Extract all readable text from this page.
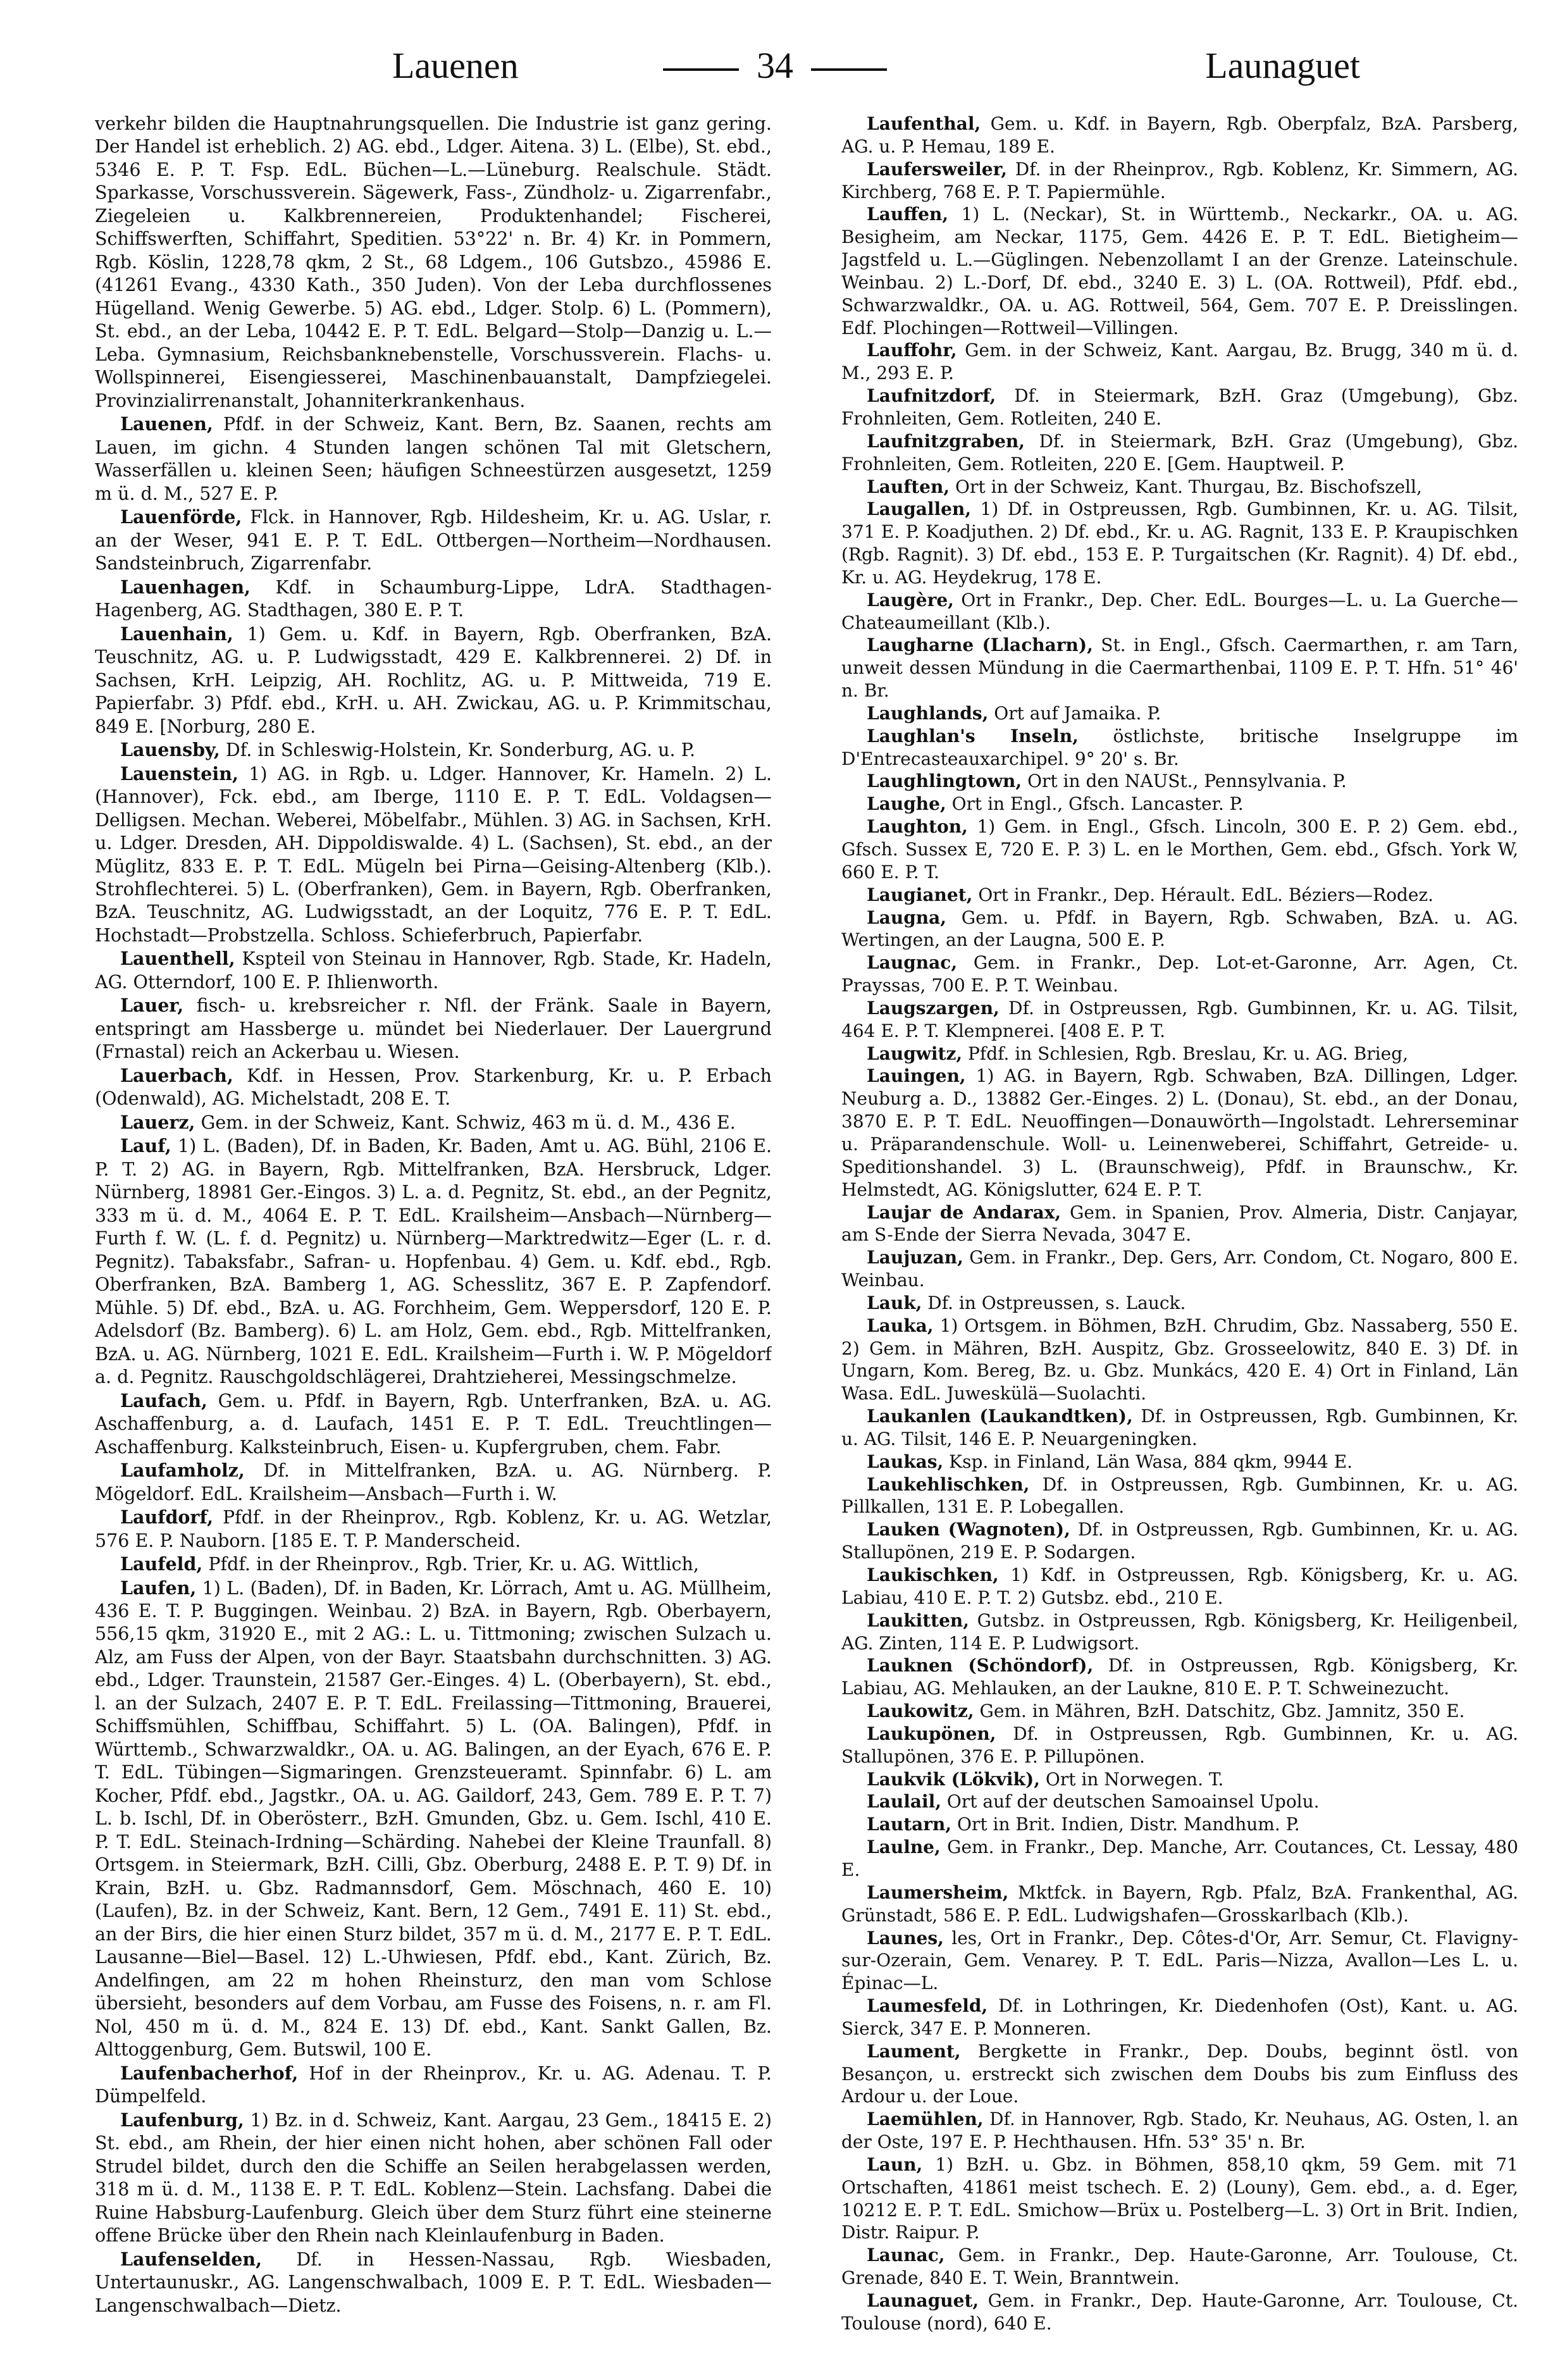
Lauenen	34	Launaguet

verkehr bilden die Hauptnahrungsquellen. Die Industrie ist ganz gering. Der Handel ist erheblich. 2) AG. ebd., Ldger. Aitena. 3) L. (Elbe), St. ebd., 5346 E. P. T. Fsp. EdL. Büchen—L.—Lüneburg. Realschule. Städt. Sparkasse, Vorschussverein. Sägewerk, Fass-, Zündholz- u. Zigarrenfabr., Ziegeleien u. Kalkbrennereien, Produktenhandel; Fischerei, Schiffswerften, Schiffahrt, Speditien. 53°22' n. Br. 4) Kr. in Pommern, Rgb. Köslin, 1228,78 qkm, 2 St., 68 Ldgem., 106 Gutsbzo., 45986 E. (41261 Evang., 4330 Kath., 350 Juden). Von der Leba durchflossenes Hügelland. Wenig Gewerbe. 5) AG. ebd., Ldger. Stolp. 6) L. (Pommern), St. ebd., an der Leba, 10442 E. P. T. EdL. Belgard—Stolp—Danzig u. L.—Leba. Gymnasium, Reichsbanknebenstelle, Vorschussverein. Flachs- u. Wollspinnerei, Eisengiesserei, Maschinenbauanstalt, Dampfziegelei. Provinzialirrenanstalt, Johanniterkrankenhaus.

Lauenen, Pfdf. in der Schweiz, Kant. Bern, Bz. Saanen, rechts am Lauen, im gichn. 4 Stunden langen schönen Tal mit Gletschern, Wasserfällen u. kleinen Seen; häufigen Schneestürzen ausgesetzt, 1259 m ü. d. M., 527 E. P.

Lauenförde, Flck. in Hannover, Rgb. Hildesheim, Kr. u. AG. Uslar, r. an der Weser, 941 E. P. T. EdL. Ottbergen—Northeim—Nordhausen. Sandsteinbruch, Zigarrenfabr.

Lauenhagen, Kdf. in Schaumburg-Lippe, LdrA. Stadthagen-Hagenberg, AG. Stadthagen, 380 E. P. T.

Lauenhain, 1) Gem. u. Kdf. in Bayern, Rgb. Oberfranken, BzA. Teuschnitz, AG. u. P. Ludwigsstadt, 429 E. Kalkbrennerei. 2) Df. in Sachsen, KrH. Leipzig, AH. Rochlitz, AG. u. P. Mittweida, 719 E. Papierfabr. 3) Pfdf. ebd., KrH. u. AH. Zwickau, AG. u. P. Krimmitschau, 849 E. [Norburg, 280 E.

Lauensby, Df. in Schleswig-Holstein, Kr. Sonderburg, AG. u. P.

Lauenstein, 1) AG. in Rgb. u. Ldger. Hannover, Kr. Hameln. 2) L. (Hannover), Fck. ebd., am Iberge, 1110 E. P. T. EdL. Voldagsen—Delligsen. Mechan. Weberei, Möbelfabr., Mühlen. 3) AG. in Sachsen, KrH. u. Ldger. Dresden, AH. Dippoldiswalde. 4) L. (Sachsen), St. ebd., an der Müglitz, 833 E. P. T. EdL. Mügeln bei Pirna—Geising-Altenberg (Klb.). Strohflechterei. 5) L. (Oberfranken), Gem. in Bayern, Rgb. Oberfranken, BzA. Teuschnitz, AG. Ludwigsstadt, an der Loquitz, 776 E. P. T. EdL. Hochstadt—Probstzella. Schloss. Schieferbruch, Papierfabr.

Lauenthell, Kspteil von Steinau in Hannover, Rgb. Stade, Kr. Hadeln, AG. Otterndorf, 100 E. P. Ihlienworth.

Lauer, fisch- u. krebsreicher r. Nfl. der Fränk. Saale in Bayern, entspringt am Hassberge u. mündet bei Niederlauer. Der Lauergrund (Frnastal) reich an Ackerbau u. Wiesen.

Lauerbach, Kdf. in Hessen, Prov. Starkenburg, Kr. u. P. Erbach (Odenwald), AG. Michelstadt, 208 E. T.

Lauerz, Gem. in der Schweiz, Kant. Schwiz, 463 m ü. d. M., 436 E.

Lauf, 1) L. (Baden), Df. in Baden, Kr. Baden, Amt u. AG. Bühl, 2106 E. P. T. 2) AG. in Bayern, Rgb. Mittelfranken, BzA. Hersbruck, Ldger. Nürnberg, 18981 Ger.-Eingos. 3) L. a. d. Pegnitz, St. ebd., an der Pegnitz, 333 m ü. d. M., 4064 E. P. T. EdL. Krailsheim—Ansbach—Nürnberg—Furth f. W. (L. f. d. Pegnitz) u. Nürnberg—Marktredwitz—Eger (L. r. d. Pegnitz). Tabaksfabr., Safran- u. Hopfenbau. 4) Gem. u. Kdf. ebd., Rgb. Oberfranken, BzA. Bamberg 1, AG. Schesslitz, 367 E. P. Zapfendorf. Mühle. 5) Df. ebd., BzA. u. AG. Forchheim, Gem. Weppersdorf, 120 E. P. Adelsdorf (Bz. Bamberg). 6) L. am Holz, Gem. ebd., Rgb. Mittelfranken, BzA. u. AG. Nürnberg, 1021 E. EdL. Krailsheim—Furth i. W. P. Mögeldorf a. d. Pegnitz. Rauschgoldschlägerei, Drahtzieherei, Messingschmelze.

Laufach, Gem. u. Pfdf. in Bayern, Rgb. Unterfranken, BzA. u. AG. Aschaffenburg, a. d. Laufach, 1451 E. P. T. EdL. Treuchtlingen—Aschaffenburg. Kalksteinbruch, Eisen- u. Kupfergruben, chem. Fabr.

Laufamholz, Df. in Mittelfranken, BzA. u. AG. Nürnberg. P. Mögeldorf. EdL. Krailsheim—Ansbach—Furth i. W.

Laufdorf, Pfdf. in der Rheinprov., Rgb. Koblenz, Kr. u. AG. Wetzlar, 576 E. P. Nauborn. [185 E. T. P. Manderscheid.

Laufeld, Pfdf. in der Rheinprov., Rgb. Trier, Kr. u. AG. Wittlich,

Laufen, 1) L. (Baden), Df. in Baden, Kr. Lörrach, Amt u. AG. Müllheim, 436 E. T. P. Buggingen. Weinbau. 2) BzA. in Bayern, Rgb. Oberbayern, 556,15 qkm, 31920 E., mit 2 AG.: L. u. Tittmoning; zwischen Sulzach u. Alz, am Fuss der Alpen, von der Bayr. Staatsbahn durchschnitten. 3) AG. ebd., Ldger. Traunstein, 21587 Ger.-Einges. 4) L. (Oberbayern), St. ebd., l. an der Sulzach, 2407 E. P. T. EdL. Freilassing—Tittmoning, Brauerei, Schiffsmühlen, Schiffbau, Schiffahrt. 5) L. (OA. Balingen), Pfdf. in Württemb., Schwarzwaldkr., OA. u. AG. Balingen, an der Eyach, 676 E. P. T. EdL. Tübingen—Sigmaringen. Grenzsteueramt. Spinnfabr. 6) L. am Kocher, Pfdf. ebd., Jagstkr., OA. u. AG. Gaildorf, 243, Gem. 789 E. P. T. 7) L. b. Ischl, Df. in Oberösterr., BzH. Gmunden, Gbz. u. Gem. Ischl, 410 E. P. T. EdL. Steinach-Irdning—Schärding. Nahebei der Kleine Traunfall. 8) Ortsgem. in Steiermark, BzH. Cilli, Gbz. Oberburg, 2488 E. P. T. 9) Df. in Krain, BzH. u. Gbz. Radmannsdorf, Gem. Möschnach, 460 E. 10) (Laufen), Bz. in der Schweiz, Kant. Bern, 12 Gem., 7491 E. 11) St. ebd., an der Birs, die hier einen Sturz bildet, 357 m ü. d. M., 2177 E. P. T. EdL. Lausanne—Biel—Basel. 12) L.-Uhwiesen, Pfdf. ebd., Kant. Zürich, Bz. Andelfingen, am 22 m hohen Rheinsturz, den man vom Schlose übersieht, besonders auf dem Vorbau, am Fusse des Foisens, n. r. am Fl. Nol, 450 m ü. d. M., 824 E. 13) Df. ebd., Kant. Sankt Gallen, Bz. Alttoggenburg, Gem. Butswil, 100 E.

Laufenbacherhof, Hof in der Rheinprov., Kr. u. AG. Adenau. T. P. Dümpelfeld.

Laufenburg, 1) Bz. in d. Schweiz, Kant. Aargau, 23 Gem., 18415 E. 2) St. ebd., am Rhein, der hier einen nicht hohen, aber schönen Fall oder Strudel bildet, durch den die Schiffe an Seilen herabgelassen werden, 318 m ü. d. M., 1138 E. P. T. EdL. Koblenz—Stein. Lachsfang. Dabei die Ruine Habsburg-Laufenburg. Gleich über dem Sturz führt eine steinerne offene Brücke über den Rhein nach Kleinlaufenburg in Baden.

Laufenselden, Df. in Hessen-Nassau, Rgb. Wiesbaden, Untertaunuskr., AG. Langenschwalbach, 1009 E. P. T. EdL. Wiesbaden—Langenschwalbach—Dietz.

Laufenthal, Gem. u. Kdf. in Bayern, Rgb. Oberpfalz, BzA. Parsberg, AG. u. P. Hemau, 189 E.

Laufersweiler, Df. in der Rheinprov., Rgb. Koblenz, Kr. Simmern, AG. Kirchberg, 768 E. P. T. Papiermühle.

Lauffen, 1) L. (Neckar), St. in Württemb., Neckarkr., OA. u. AG. Besigheim, am Neckar, 1175, Gem. 4426 E. P. T. EdL. Bietigheim—Jagstfeld u. L.—Güglingen. Nebenzollamt I an der Grenze. Lateinschule. Weinbau. 2) L.-Dorf, Df. ebd., 3240 E. 3) L. (OA. Rottweil), Pfdf. ebd., Schwarzwaldkr., OA. u. AG. Rottweil, 564, Gem. 707 E. P. Dreisslingen. Edf. Plochingen—Rottweil—Villingen.

Lauffohr, Gem. in der Schweiz, Kant. Aargau, Bz. Brugg, 340 m ü. d. M., 293 E. P.

Laufnitzdorf, Df. in Steiermark, BzH. Graz (Umgebung), Gbz. Frohnleiten, Gem. Rotleiten, 240 E.

Laufnitzgraben, Df. in Steiermark, BzH. Graz (Umgebung), Gbz. Frohnleiten, Gem. Rotleiten, 220 E. [Gem. Hauptweil. P.

Lauften, Ort in der Schweiz, Kant. Thurgau, Bz. Bischofszell,

Laugallen, 1) Df. in Ostpreussen, Rgb. Gumbinnen, Kr. u. AG. Tilsit, 371 E. P. Koadjuthen. 2) Df. ebd., Kr. u. AG. Ragnit, 133 E. P. Kraupischken (Rgb. Ragnit). 3) Df. ebd., 153 E. P. Turgaitschen (Kr. Ragnit). 4) Df. ebd., Kr. u. AG. Heydekrug, 178 E.

Laugère, Ort in Frankr., Dep. Cher. EdL. Bourges—L. u. La Guerche—Chateaumeillant (Klb.).

Laugharne (Llacharn), St. in Engl., Gfsch. Caermarthen, r. am Tarn, unweit dessen Mündung in die Caermarthenbai, 1109 E. P. T. Hfn. 51° 46' n. Br.

Laughlands, Ort auf Jamaika. P.

Laughlan's Inseln, östlichste, britische Inselgruppe im D'Entrecasteauxarchipel. 9° 20' s. Br.

Laughlingtown, Ort in den NAUSt., Pennsylvania. P.

Laughe, Ort in Engl., Gfsch. Lancaster. P.

Laughton, 1) Gem. in Engl., Gfsch. Lincoln, 300 E. P. 2) Gem. ebd., Gfsch. Sussex E, 720 E. P. 3) L. en le Morthen, Gem. ebd., Gfsch. York W, 660 E. P. T.

Laugianet, Ort in Frankr., Dep. Hérault. EdL. Béziers—Rodez.

Laugna, Gem. u. Pfdf. in Bayern, Rgb. Schwaben, BzA. u. AG. Wertingen, an der Laugna, 500 E. P.

Laugnac, Gem. in Frankr., Dep. Lot-et-Garonne, Arr. Agen, Ct. Prayssas, 700 E. P. T. Weinbau.

Laugszargen, Df. in Ostpreussen, Rgb. Gumbinnen, Kr. u. AG. Tilsit, 464 E. P. T. Klempnerei. [408 E. P. T.

Laugwitz, Pfdf. in Schlesien, Rgb. Breslau, Kr. u. AG. Brieg,

Lauingen, 1) AG. in Bayern, Rgb. Schwaben, BzA. Dillingen, Ldger. Neuburg a. D., 13882 Ger.-Einges. 2) L. (Donau), St. ebd., an der Donau, 3870 E. P. T. EdL. Neuoffingen—Donauwörth—Ingolstadt. Lehrerseminar u. Präparandenschule. Woll- u. Leinenweberei, Schiffahrt, Getreide- u. Speditionshandel. 3) L. (Braunschweig), Pfdf. in Braunschw., Kr. Helmstedt, AG. Königslutter, 624 E. P. T.

Laujar de Andarax, Gem. in Spanien, Prov. Almeria, Distr. Canjayar, am S-Ende der Sierra Nevada, 3047 E.

Laujuzan, Gem. in Frankr., Dep. Gers, Arr. Condom, Ct. Nogaro, 800 E. Weinbau.

Lauk, Df. in Ostpreussen, s. Lauck.

Lauka, 1) Ortsgem. in Böhmen, BzH. Chrudim, Gbz. Nassaberg, 550 E. 2) Gem. in Mähren, BzH. Auspitz, Gbz. Grosseelowitz, 840 E. 3) Df. in Ungarn, Kom. Bereg, Bz. u. Gbz. Munkács, 420 E. 4) Ort in Finland, Län Wasa. EdL. Juweskülä—Suolachti.

Laukanlen (Laukandtken), Df. in Ostpreussen, Rgb. Gumbinnen, Kr. u. AG. Tilsit, 146 E. P. Neuargeningken.

Laukas, Ksp. in Finland, Län Wasa, 884 qkm, 9944 E.

Laukehlischken, Df. in Ostpreussen, Rgb. Gumbinnen, Kr. u. AG. Pillkallen, 131 E. P. Lobegallen.

Lauken (Wagnoten), Df. in Ostpreussen, Rgb. Gumbinnen, Kr. u. AG. Stallupönen, 219 E. P. Sodargen.

Laukischken, 1) Kdf. in Ostpreussen, Rgb. Königsberg, Kr. u. AG. Labiau, 410 E. P. T. 2) Gutsbz. ebd., 210 E.

Laukitten, Gutsbz. in Ostpreussen, Rgb. Königsberg, Kr. Heiligenbeil, AG. Zinten, 114 E. P. Ludwigsort.

Lauknen (Schöndorf), Df. in Ostpreussen, Rgb. Königsberg, Kr. Labiau, AG. Mehlauken, an der Laukne, 810 E. P. T. Schweinezucht.

Laukowitz, Gem. in Mähren, BzH. Datschitz, Gbz. Jamnitz, 350 E.

Laukupönen, Df. in Ostpreussen, Rgb. Gumbinnen, Kr. u. AG. Stallupönen, 376 E. P. Pillupönen.

Laukvik (Lökvik), Ort in Norwegen. T.

Laulail, Ort auf der deutschen Samoainsel Upolu.

Lautarn, Ort in Brit. Indien, Distr. Mandhum. P.

Laulne, Gem. in Frankr., Dep. Manche, Arr. Coutances, Ct. Lessay, 480 E.

Laumersheim, Mktfck. in Bayern, Rgb. Pfalz, BzA. Frankenthal, AG. Grünstadt, 586 E. P. EdL. Ludwigshafen—Grosskarlbach (Klb.).

Launes, les, Ort in Frankr., Dep. Côtes-d'Or, Arr. Semur, Ct. Flavigny-sur-Ozerain, Gem. Venarey. P. T. EdL. Paris—Nizza, Avallon—Les L. u. Épinac—L.

Laumesfeld, Df. in Lothringen, Kr. Diedenhofen (Ost), Kant. u. AG. Sierck, 347 E. P. Monneren.

Laument, Bergkette in Frankr., Dep. Doubs, beginnt östl. von Besançon, u. erstreckt sich zwischen dem Doubs bis zum Einfluss des Ardour u. der Loue.

Laemühlen, Df. in Hannover, Rgb. Stado, Kr. Neuhaus, AG. Osten, l. an der Oste, 197 E. P. Hechthausen. Hfn. 53° 35' n. Br.

Laun, 1) BzH. u. Gbz. in Böhmen, 858,10 qkm, 59 Gem. mit 71 Ortschaften, 41861 meist tschech. E. 2) (Louny), Gem. ebd., a. d. Eger, 10212 E. P. T. EdL. Smichow—Brüx u. Postelberg—L. 3) Ort in Brit. Indien, Distr. Raipur. P.

Launac, Gem. in Frankr., Dep. Haute-Garonne, Arr. Toulouse, Ct. Grenade, 840 E. T. Wein, Branntwein.

Launaguet, Gem. in Frankr., Dep. Haute-Garonne, Arr. Toulouse, Ct. Toulouse (nord), 640 E.
